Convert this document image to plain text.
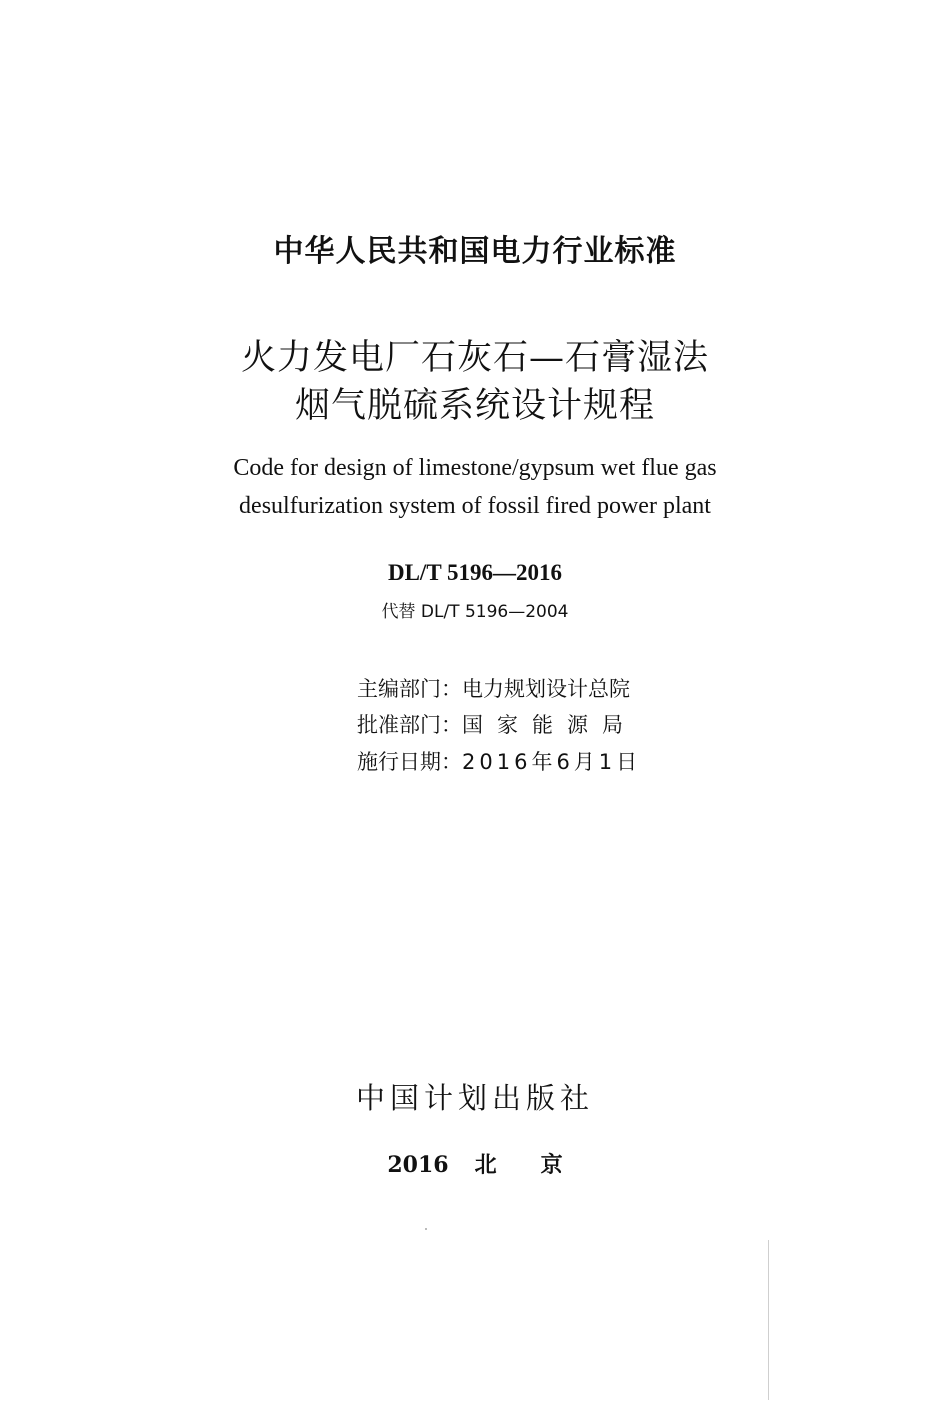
中华人民共和国电力行业标准
火力发电厂石灰石—石膏湿法
烟气脱硫系统设计规程
Code for design of limestone/gypsum wet flue gas
desulfurization system of fossil fired power plant
DL/T 5196—2016
代替 DL/T 5196—2004
主编部门：电力规划设计总院
批准部门：国家能源局
施行日期：2016年6月1日
中国计划出版社
2016 北 京
